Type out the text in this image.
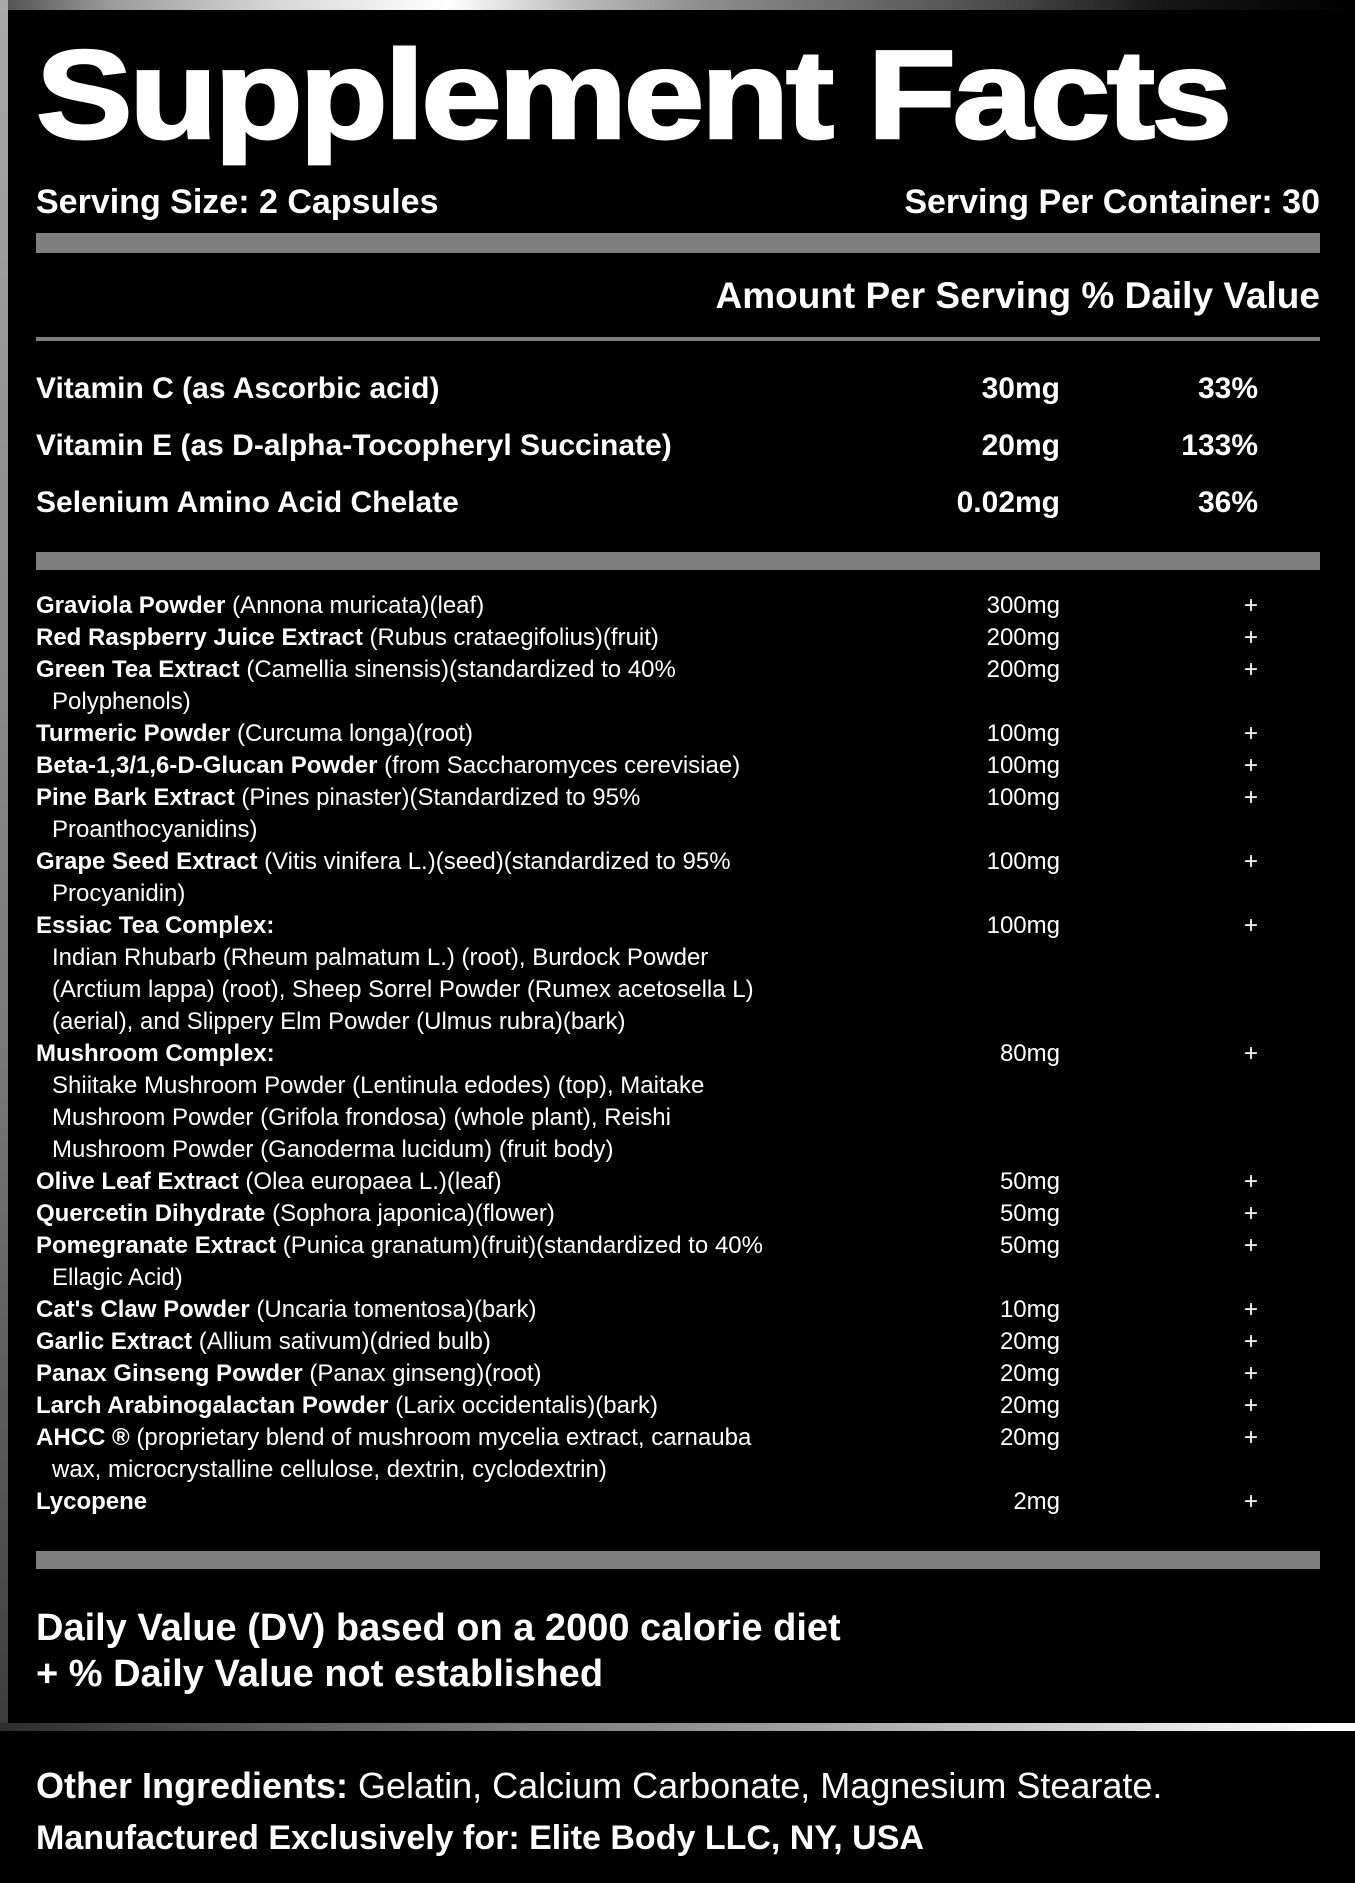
Supplement Facts
Serving Size: 2 Capsules	Serving Per Container: 30
Amount Per Serving % Daily Value
Vitamin C (as Ascorbic acid)	30mg	33%
Vitamin E (as D-alpha-Tocopheryl Succinate)	20mg	133%
Selenium Amino Acid Chelate	0.02mg	36%
Graviola Powder (Annona muricata)(leaf)	300mg	+
Red Raspberry Juice Extract (Rubus crataegifolius)(fruit)	200mg	+
Green Tea Extract (Camellia sinensis)(standardized to 40%	200mg	+
Polyphenols)
Turmeric Powder (Curcuma longa)(root)	100mg	+
Beta-1,3/1,6-D-Glucan Powder (from Saccharomyces cerevisiae)	100mg	+
Pine Bark Extract (Pines pinaster)(Standardized to 95%	100mg	+
Proanthocyanidins)
Grape Seed Extract (Vitis vinifera L.)(seed)(standardized to 95%	100mg	+
Procyanidin)
Essiac Tea Complex:	100mg	+
Indian Rhubarb (Rheum palmatum L.) (root), Burdock Powder
(Arctium lappa) (root), Sheep Sorrel Powder (Rumex acetosella L)
(aerial), and Slippery Elm Powder (Ulmus rubra)(bark)
Mushroom Complex:	80mg	+
Shiitake Mushroom Powder (Lentinula edodes) (top), Maitake
Mushroom Powder (Grifola frondosa) (whole plant), Reishi
Mushroom Powder (Ganoderma lucidum) (fruit body)
Olive Leaf Extract (Olea europaea L.)(leaf)	50mg	+
Quercetin Dihydrate (Sophora japonica)(flower)	50mg	+
Pomegranate Extract (Punica granatum)(fruit)(standardized to 40%	50mg	+
Ellagic Acid)
Cat's Claw Powder (Uncaria tomentosa)(bark)	10mg	+
Garlic Extract (Allium sativum)(dried bulb)	20mg	+
Panax Ginseng Powder (Panax ginseng)(root)	20mg	+
Larch Arabinogalactan Powder (Larix occidentalis)(bark)	20mg	+
AHCC ® (proprietary blend of mushroom mycelia extract, carnauba	20mg	+
wax, microcrystalline cellulose, dextrin, cyclodextrin)
Lycopene	2mg	+
Daily Value (DV) based on a 2000 calorie diet
+ % Daily Value not established
Other Ingredients: Gelatin, Calcium Carbonate, Magnesium Stearate.
Manufactured Exclusively for: Elite Body LLC, NY, USA
